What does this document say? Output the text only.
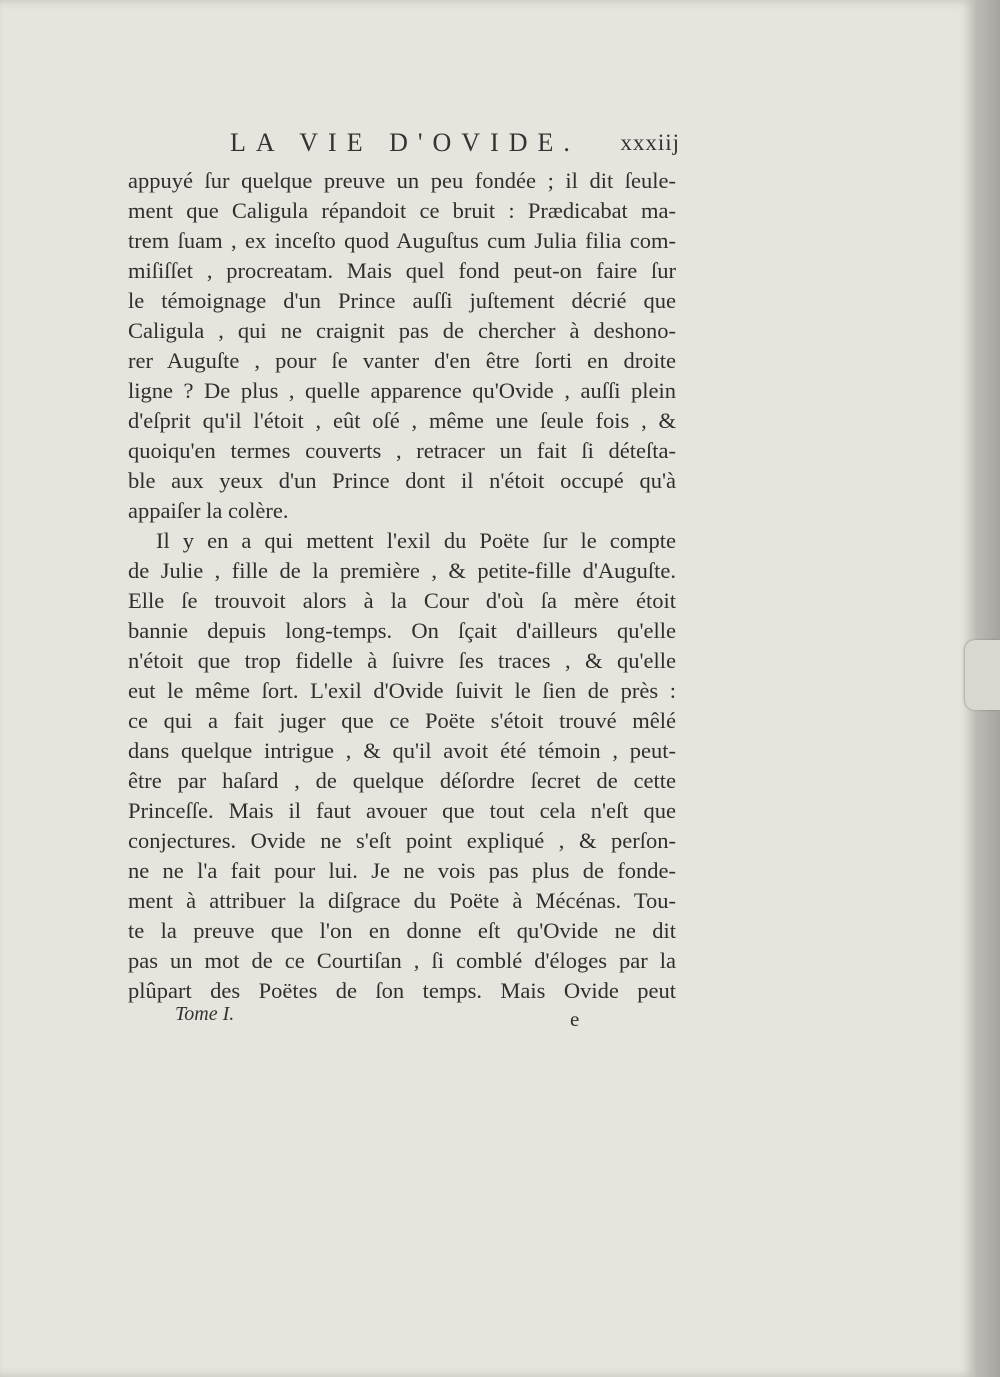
LA VIE D'OVIDE. xxxiij
appuyé ſur quelque preuve un peu fondée ; il dit ſeule-
ment que Caligula répandoit ce bruit : Prædicabat ma-
trem ſuam , ex inceſto quod Auguſtus cum Julia filia com-
miſiſſet , procreatam. Mais quel fond peut-on faire ſur
le témoignage d'un Prince auſſi juſtement décrié que
Caligula , qui ne craignit pas de chercher à deshono-
rer Auguſte , pour ſe vanter d'en être ſorti en droite
ligne ? De plus , quelle apparence qu'Ovide , auſſi plein
d'eſprit qu'il l'étoit , eût oſé , même une ſeule fois , &
quoiqu'en termes couverts , retracer un fait ſi déteſta-
ble aux yeux d'un Prince dont il n'étoit occupé qu'à
appaiſer la colère.
Il y en a qui mettent l'exil du Poëte ſur le compte
de Julie , fille de la première , & petite-fille d'Auguſte.
Elle ſe trouvoit alors à la Cour d'où ſa mère étoit
bannie depuis long-temps. On ſçait d'ailleurs qu'elle
n'étoit que trop fidelle à ſuivre ſes traces , & qu'elle
eut le même ſort. L'exil d'Ovide ſuivit le ſien de près :
ce qui a fait juger que ce Poëte s'étoit trouvé mêlé
dans quelque intrigue , & qu'il avoit été témoin , peut-
être par haſard , de quelque déſordre ſecret de cette
Princeſſe. Mais il faut avouer que tout cela n'eſt que
conjectures. Ovide ne s'eſt point expliqué , & perſon-
ne ne l'a fait pour lui. Je ne vois pas plus de fonde-
ment à attribuer la diſgrace du Poëte à Mécénas. Tou-
te la preuve que l'on en donne eſt qu'Ovide ne dit
pas un mot de ce Courtiſan , ſi comblé d'éloges par la
plûpart des Poëtes de ſon temps. Mais Ovide peut
Tome I.	e
